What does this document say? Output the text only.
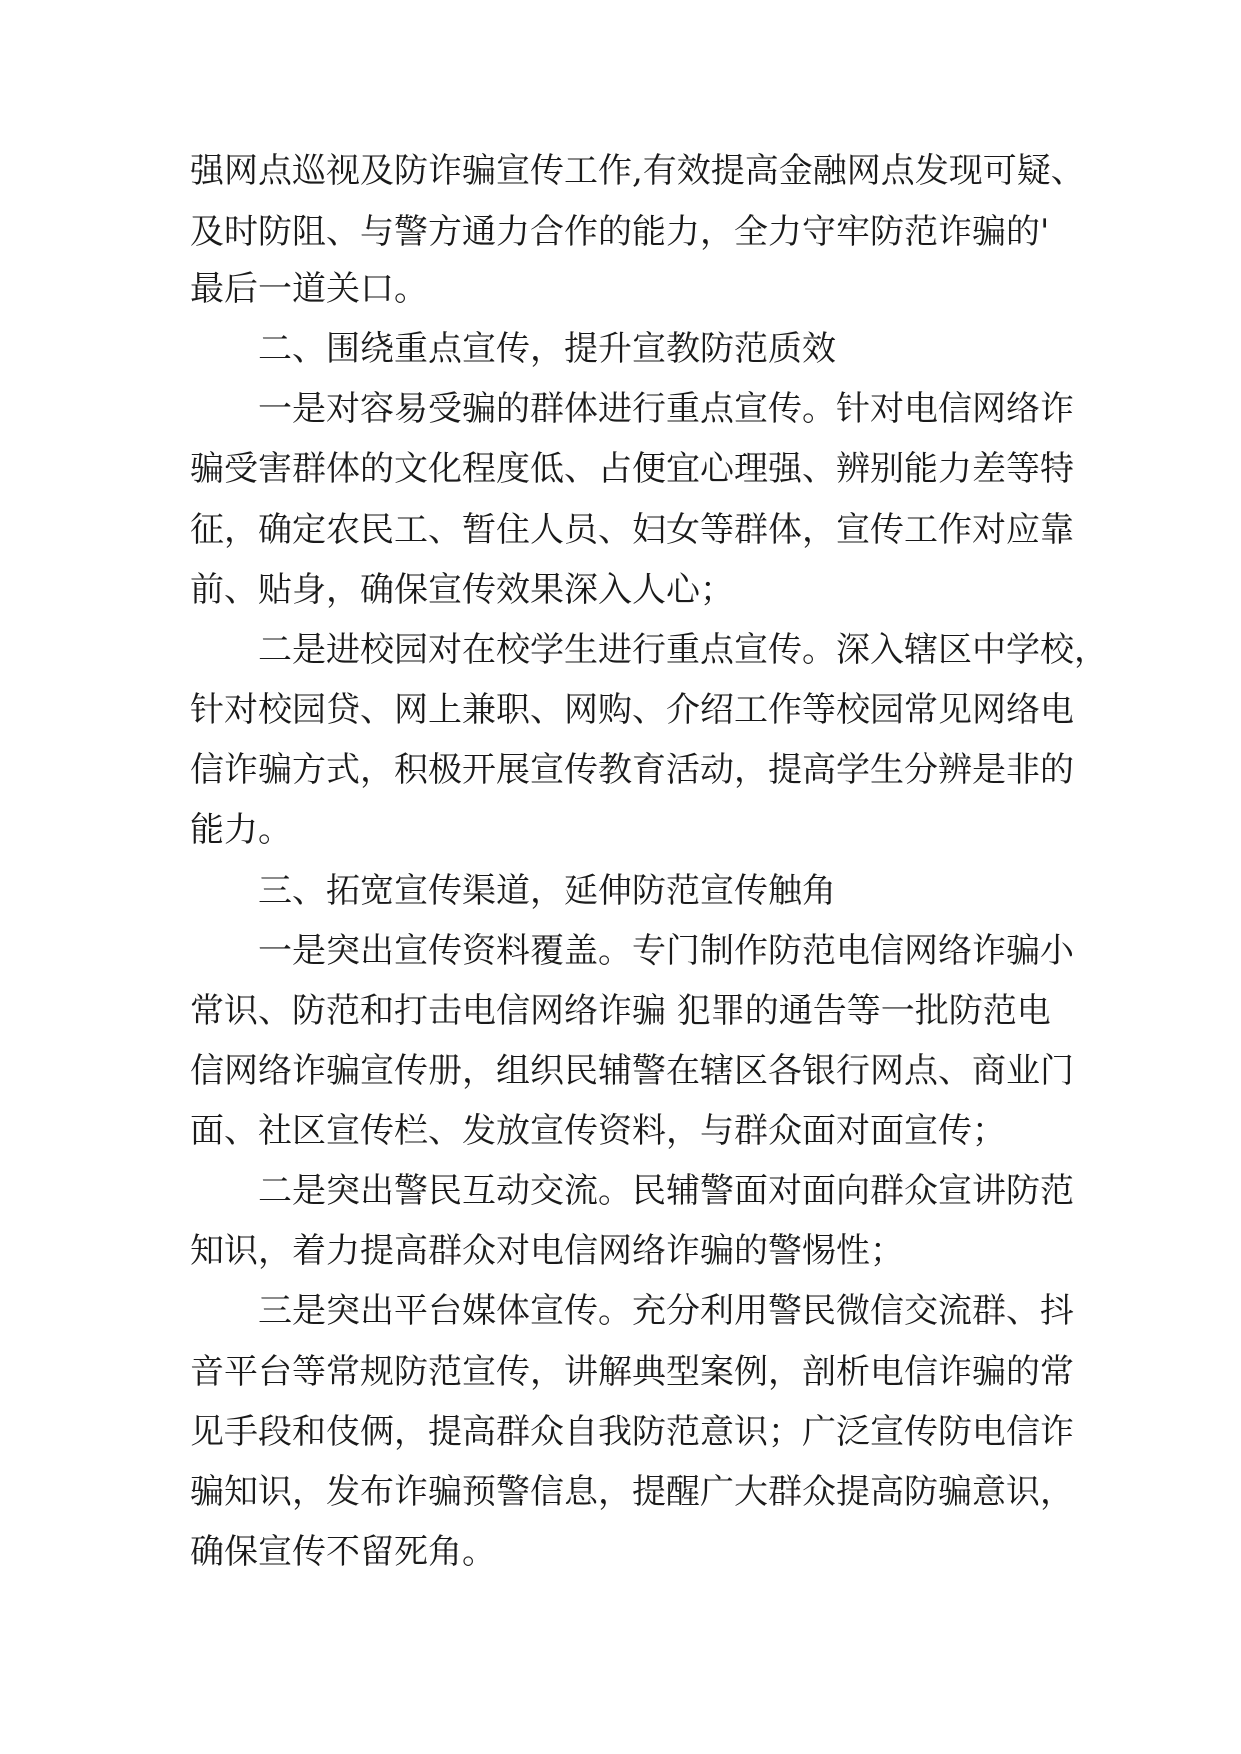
强网点巡视及防诈骗宣传工作,有效提高金融网点发现可疑、
及时防阻、与警方通力合作的能力，全力守牢防范诈骗的'
最后一道关口。
二、围绕重点宣传，提升宣教防范质效
一是对容易受骗的群体进行重点宣传。针对电信网络诈
骗受害群体的文化程度低、占便宜心理强、辨别能力差等特
征，确定农民工、暂住人员、妇女等群体，宣传工作对应靠
前、贴身，确保宣传效果深入人心；
二是进校园对在校学生进行重点宣传。深入辖区中学校，
针对校园贷、网上兼职、网购、介绍工作等校园常见网络电
信诈骗方式，积极开展宣传教育活动，提高学生分辨是非的
能力。
三、拓宽宣传渠道，延伸防范宣传触角
一是突出宣传资料覆盖。专门制作防范电信网络诈骗小
常识、防范和打击电信网络诈骗 犯罪的通告等一批防范电
信网络诈骗宣传册，组织民辅警在辖区各银行网点、商业门
面、社区宣传栏、发放宣传资料，与群众面对面宣传；
二是突出警民互动交流。民辅警面对面向群众宣讲防范
知识，着力提高群众对电信网络诈骗的警惕性；
三是突出平台媒体宣传。充分利用警民微信交流群、抖
音平台等常规防范宣传，讲解典型案例，剖析电信诈骗的常
见手段和伎俩，提高群众自我防范意识；广泛宣传防电信诈
骗知识，发布诈骗预警信息，提醒广大群众提高防骗意识，
确保宣传不留死角。
